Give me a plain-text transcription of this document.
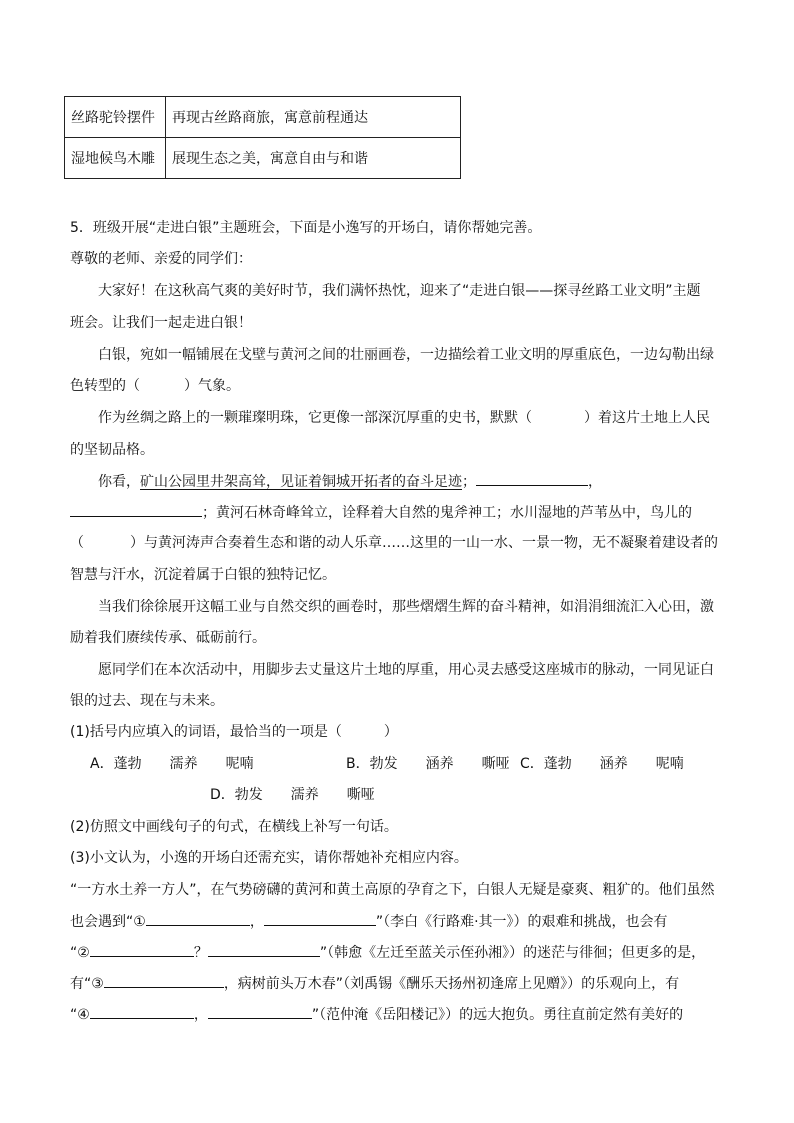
丝路驼铃摆件	再现古丝路商旅，寓意前程通达
湿地候鸟木雕	展现生态之美，寓意自由与和谐
5．班级开展“走进白银”主题班会，下面是小逸写的开场白，请你帮她完善。
尊敬的老师、亲爱的同学们：
大家好！在这秋高气爽的美好时节，我们满怀热忱，迎来了“走进白银——探寻丝路工业文明”主题
班会。让我们一起走进白银！
白银，宛如一幅铺展在戈壁与黄河之间的壮丽画卷，一边描绘着工业文明的厚重底色，一边勾勒出绿
色转型的（	）气象。
作为丝绸之路上的一颗璀璨明珠，它更像一部深沉厚重的史书，默默（	）着这片土地上人民
的坚韧品格。
你看，矿山公园里井架高耸，见证着铜城开拓者的奋斗足迹；	，
；黄河石林奇峰耸立，诠释着大自然的鬼斧神工；水川湿地的芦苇丛中，鸟儿的
（	）与黄河涛声合奏着生态和谐的动人乐章……这里的一山一水、一景一物，无不凝聚着建设者的
智慧与汗水，沉淀着属于白银的独特记忆。
当我们徐徐展开这幅工业与自然交织的画卷时，那些熠熠生辉的奋斗精神，如涓涓细流汇入心田，激
励着我们赓续传承、砥砺前行。
愿同学们在本次活动中，用脚步去丈量这片土地的厚重，用心灵去感受这座城市的脉动，一同见证白
银的过去、现在与未来。
(1)括号内应填入的词语，最恰当的一项是（　　　）
A．蓬勃　　濡养　　呢喃	B．勃发　　涵养　　嘶哑 C．蓬勃　　涵养　　呢喃
D．勃发　　濡养　　嘶哑
(2)仿照文中画线句子的句式，在横线上补写一句话。
(3)小文认为，小逸的开场白还需充实，请你帮她补充相应内容。
“一方水土养一方人”，在气势磅礴的黄河和黄土高原的孕育之下，白银人无疑是豪爽、粗犷的。他们虽然
也会遇到“①	，	”（李白《行路难·其一》）的艰难和挑战，也会有
“②	？	”（韩愈《左迁至蓝关示侄孙湘》）的迷茫与徘徊；但更多的是，
有“③	，病树前头万木春”（刘禹锡《酬乐天扬州初逢席上见赠》）的乐观向上，有
“④	，	”（范仲淹《岳阳楼记》）的远大抱负。勇往直前定然有美好的
